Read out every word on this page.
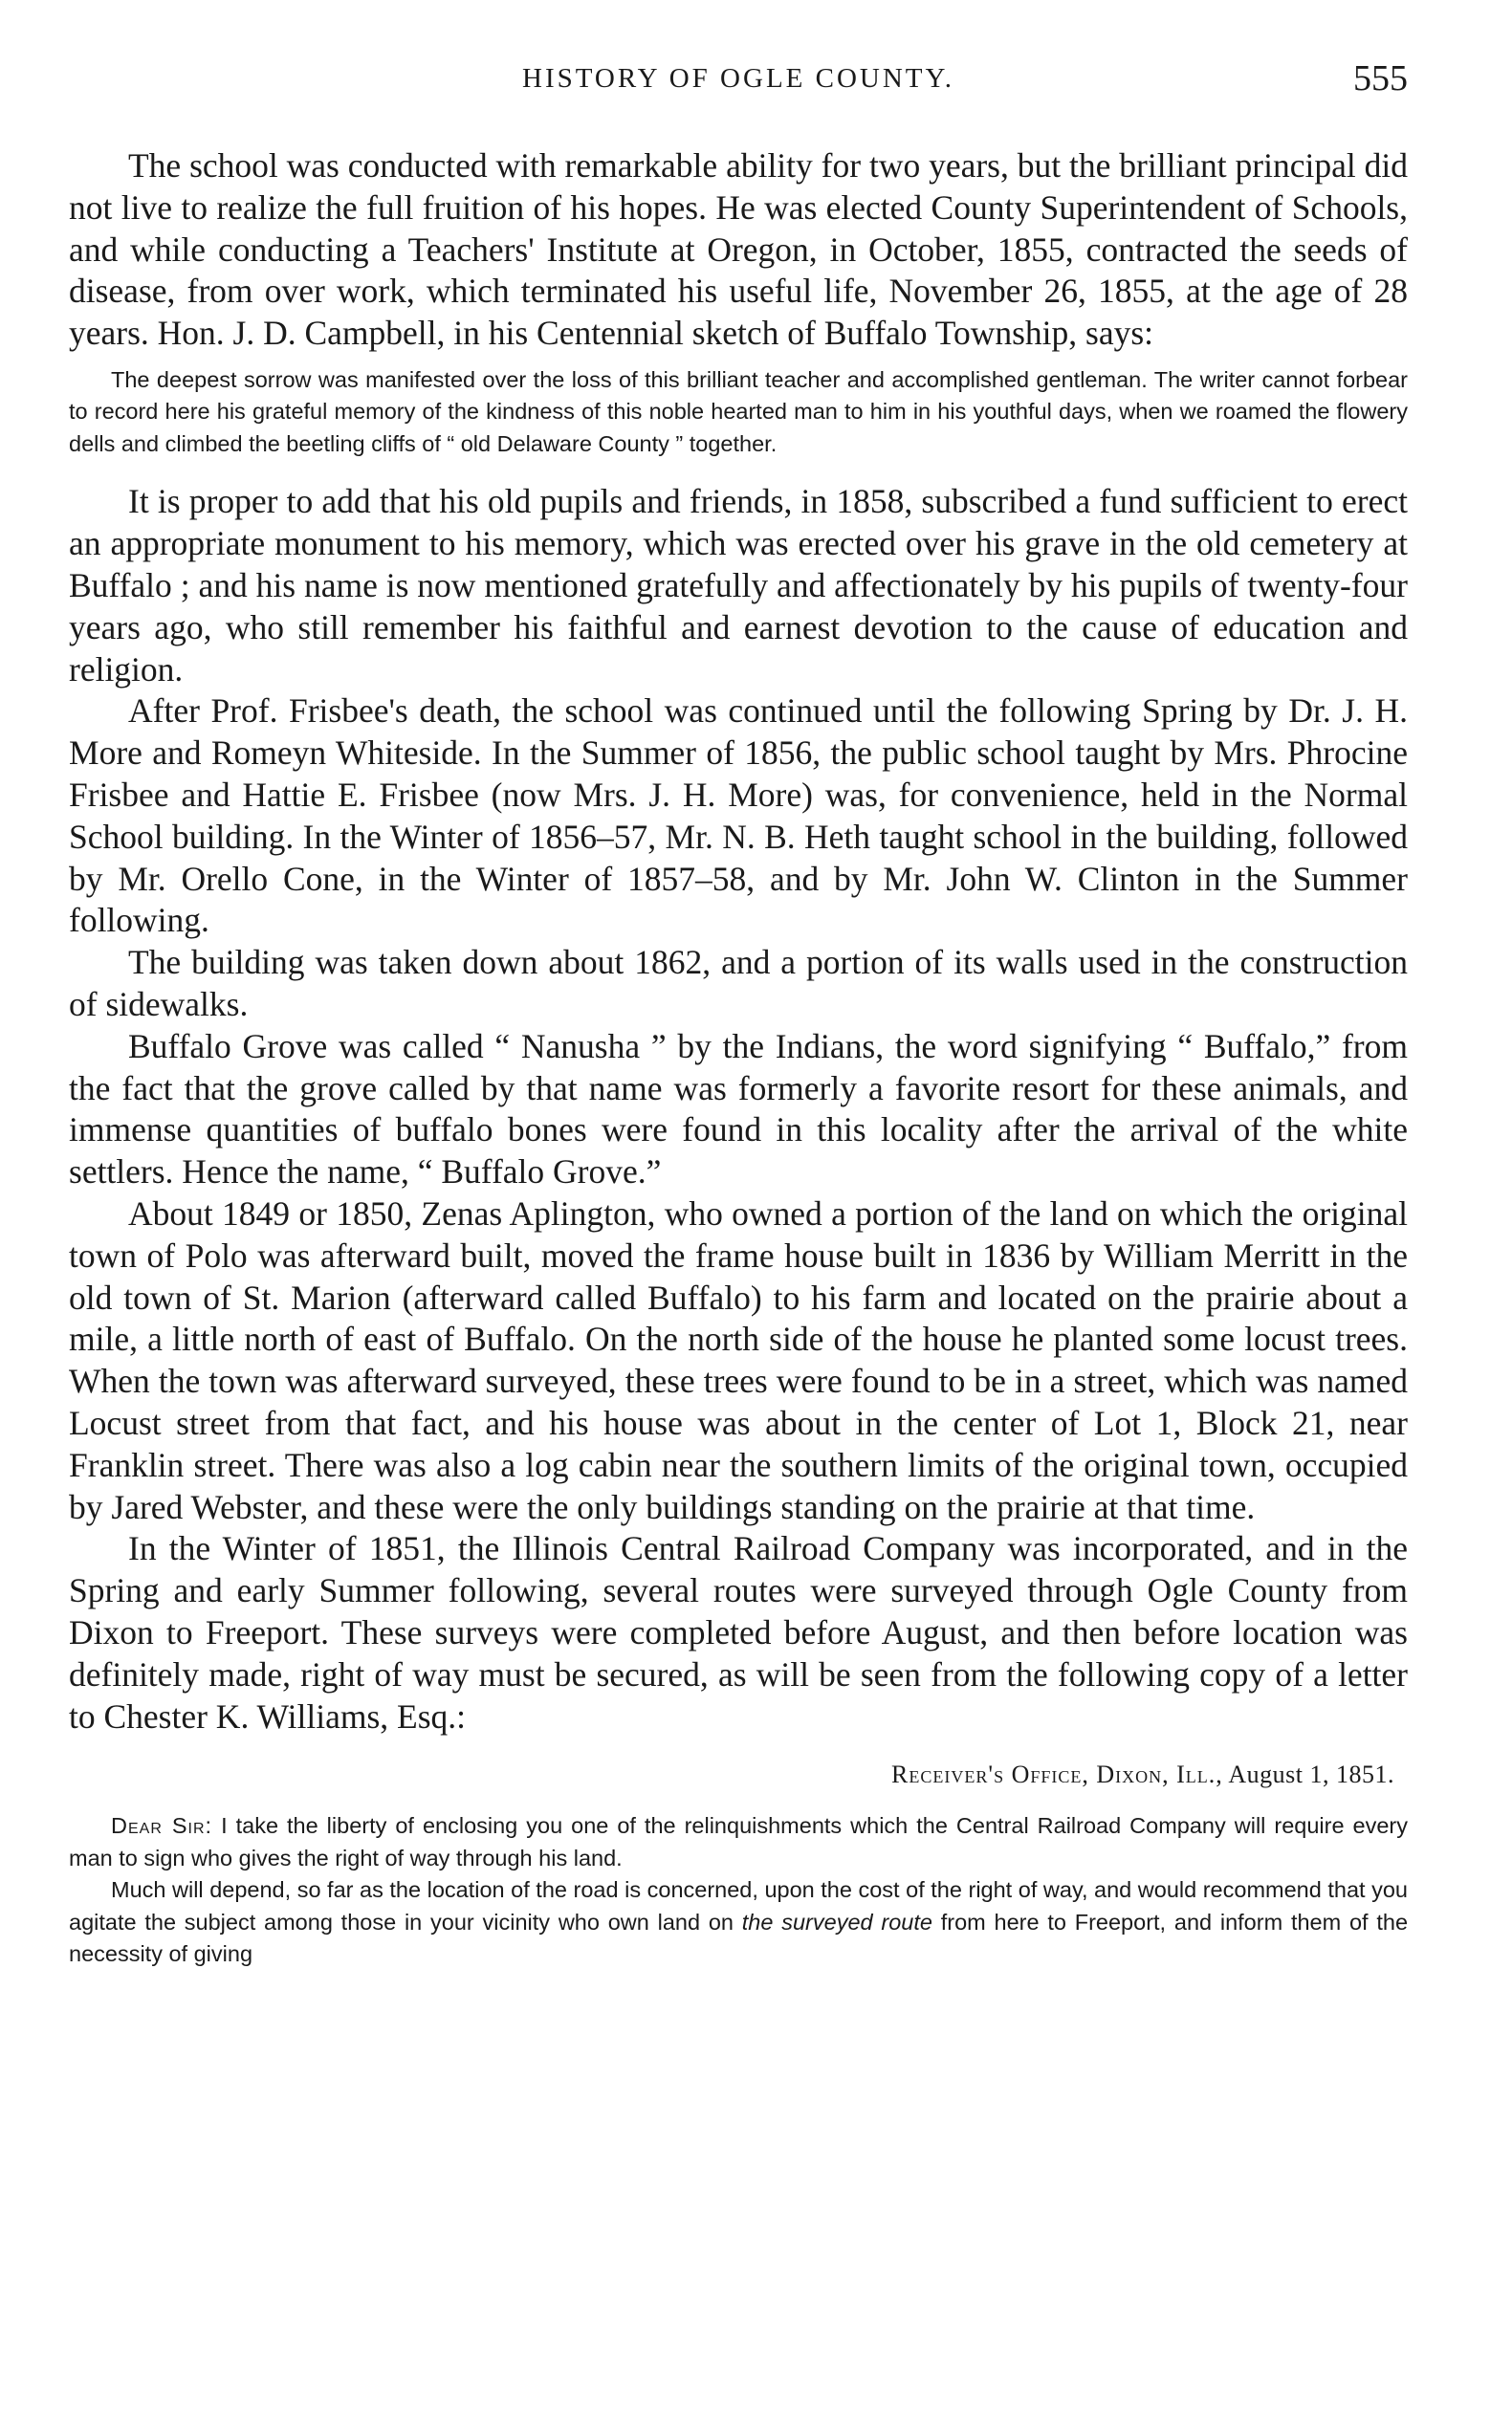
HISTORY OF OGLE COUNTY.	555

The school was conducted with remarkable ability for two years, but the brilliant principal did not live to realize the full fruition of his hopes. He was elected County Superintendent of Schools, and while conducting a Teachers' Institute at Oregon, in October, 1855, contracted the seeds of disease, from over work, which terminated his useful life, November 26, 1855, at the age of 28 years. Hon. J. D. Campbell, in his Centennial sketch of Buffalo Township, says:

The deepest sorrow was manifested over the loss of this brilliant teacher and accomplished gentleman. The writer cannot forbear to record here his grateful memory of the kindness of this noble hearted man to him in his youthful days, when we roamed the flowery dells and climbed the beetling cliffs of “ old Delaware County ” together.

It is proper to add that his old pupils and friends, in 1858, subscribed a fund sufficient to erect an appropriate monument to his memory, which was erected over his grave in the old cemetery at Buffalo ; and his name is now mentioned gratefully and affectionately by his pupils of twenty-four years ago, who still remember his faithful and earnest devotion to the cause of education and religion.

After Prof. Frisbee's death, the school was continued until the following Spring by Dr. J. H. More and Romeyn Whiteside. In the Summer of 1856, the public school taught by Mrs. Phrocine Frisbee and Hattie E. Frisbee (now Mrs. J. H. More) was, for convenience, held in the Normal School building. In the Winter of 1856–57, Mr. N. B. Heth taught school in the building, followed by Mr. Orello Cone, in the Winter of 1857–58, and by Mr. John W. Clinton in the Summer following.

The building was taken down about 1862, and a portion of its walls used in the construction of sidewalks.

Buffalo Grove was called “ Nanusha ” by the Indians, the word signifying “ Buffalo,” from the fact that the grove called by that name was formerly a favorite resort for these animals, and immense quantities of buffalo bones were found in this locality after the arrival of the white settlers. Hence the name, “ Buffalo Grove.”

About 1849 or 1850, Zenas Aplington, who owned a portion of the land on which the original town of Polo was afterward built, moved the frame house built in 1836 by William Merritt in the old town of St. Marion (afterward called Buffalo) to his farm and located on the prairie about a mile, a little north of east of Buffalo. On the north side of the house he planted some locust trees. When the town was afterward surveyed, these trees were found to be in a street, which was named Locust street from that fact, and his house was about in the center of Lot 1, Block 21, near Franklin street. There was also a log cabin near the southern limits of the original town, occupied by Jared Webster, and these were the only buildings standing on the prairie at that time.

In the Winter of 1851, the Illinois Central Railroad Company was incorporated, and in the Spring and early Summer following, several routes were surveyed through Ogle County from Dixon to Freeport. These surveys were completed before August, and then before location was definitely made, right of way must be secured, as will be seen from the following copy of a letter to Chester K. Williams, Esq.:

Receiver's Office, Dixon, Ill., August 1, 1851.

Dear Sir: I take the liberty of enclosing you one of the relinquishments which the Central Railroad Company will require every man to sign who gives the right of way through his land.

Much will depend, so far as the location of the road is concerned, upon the cost of the right of way, and would recommend that you agitate the subject among those in your vicinity who own land on the surveyed route from here to Freeport, and inform them of the necessity of giving
